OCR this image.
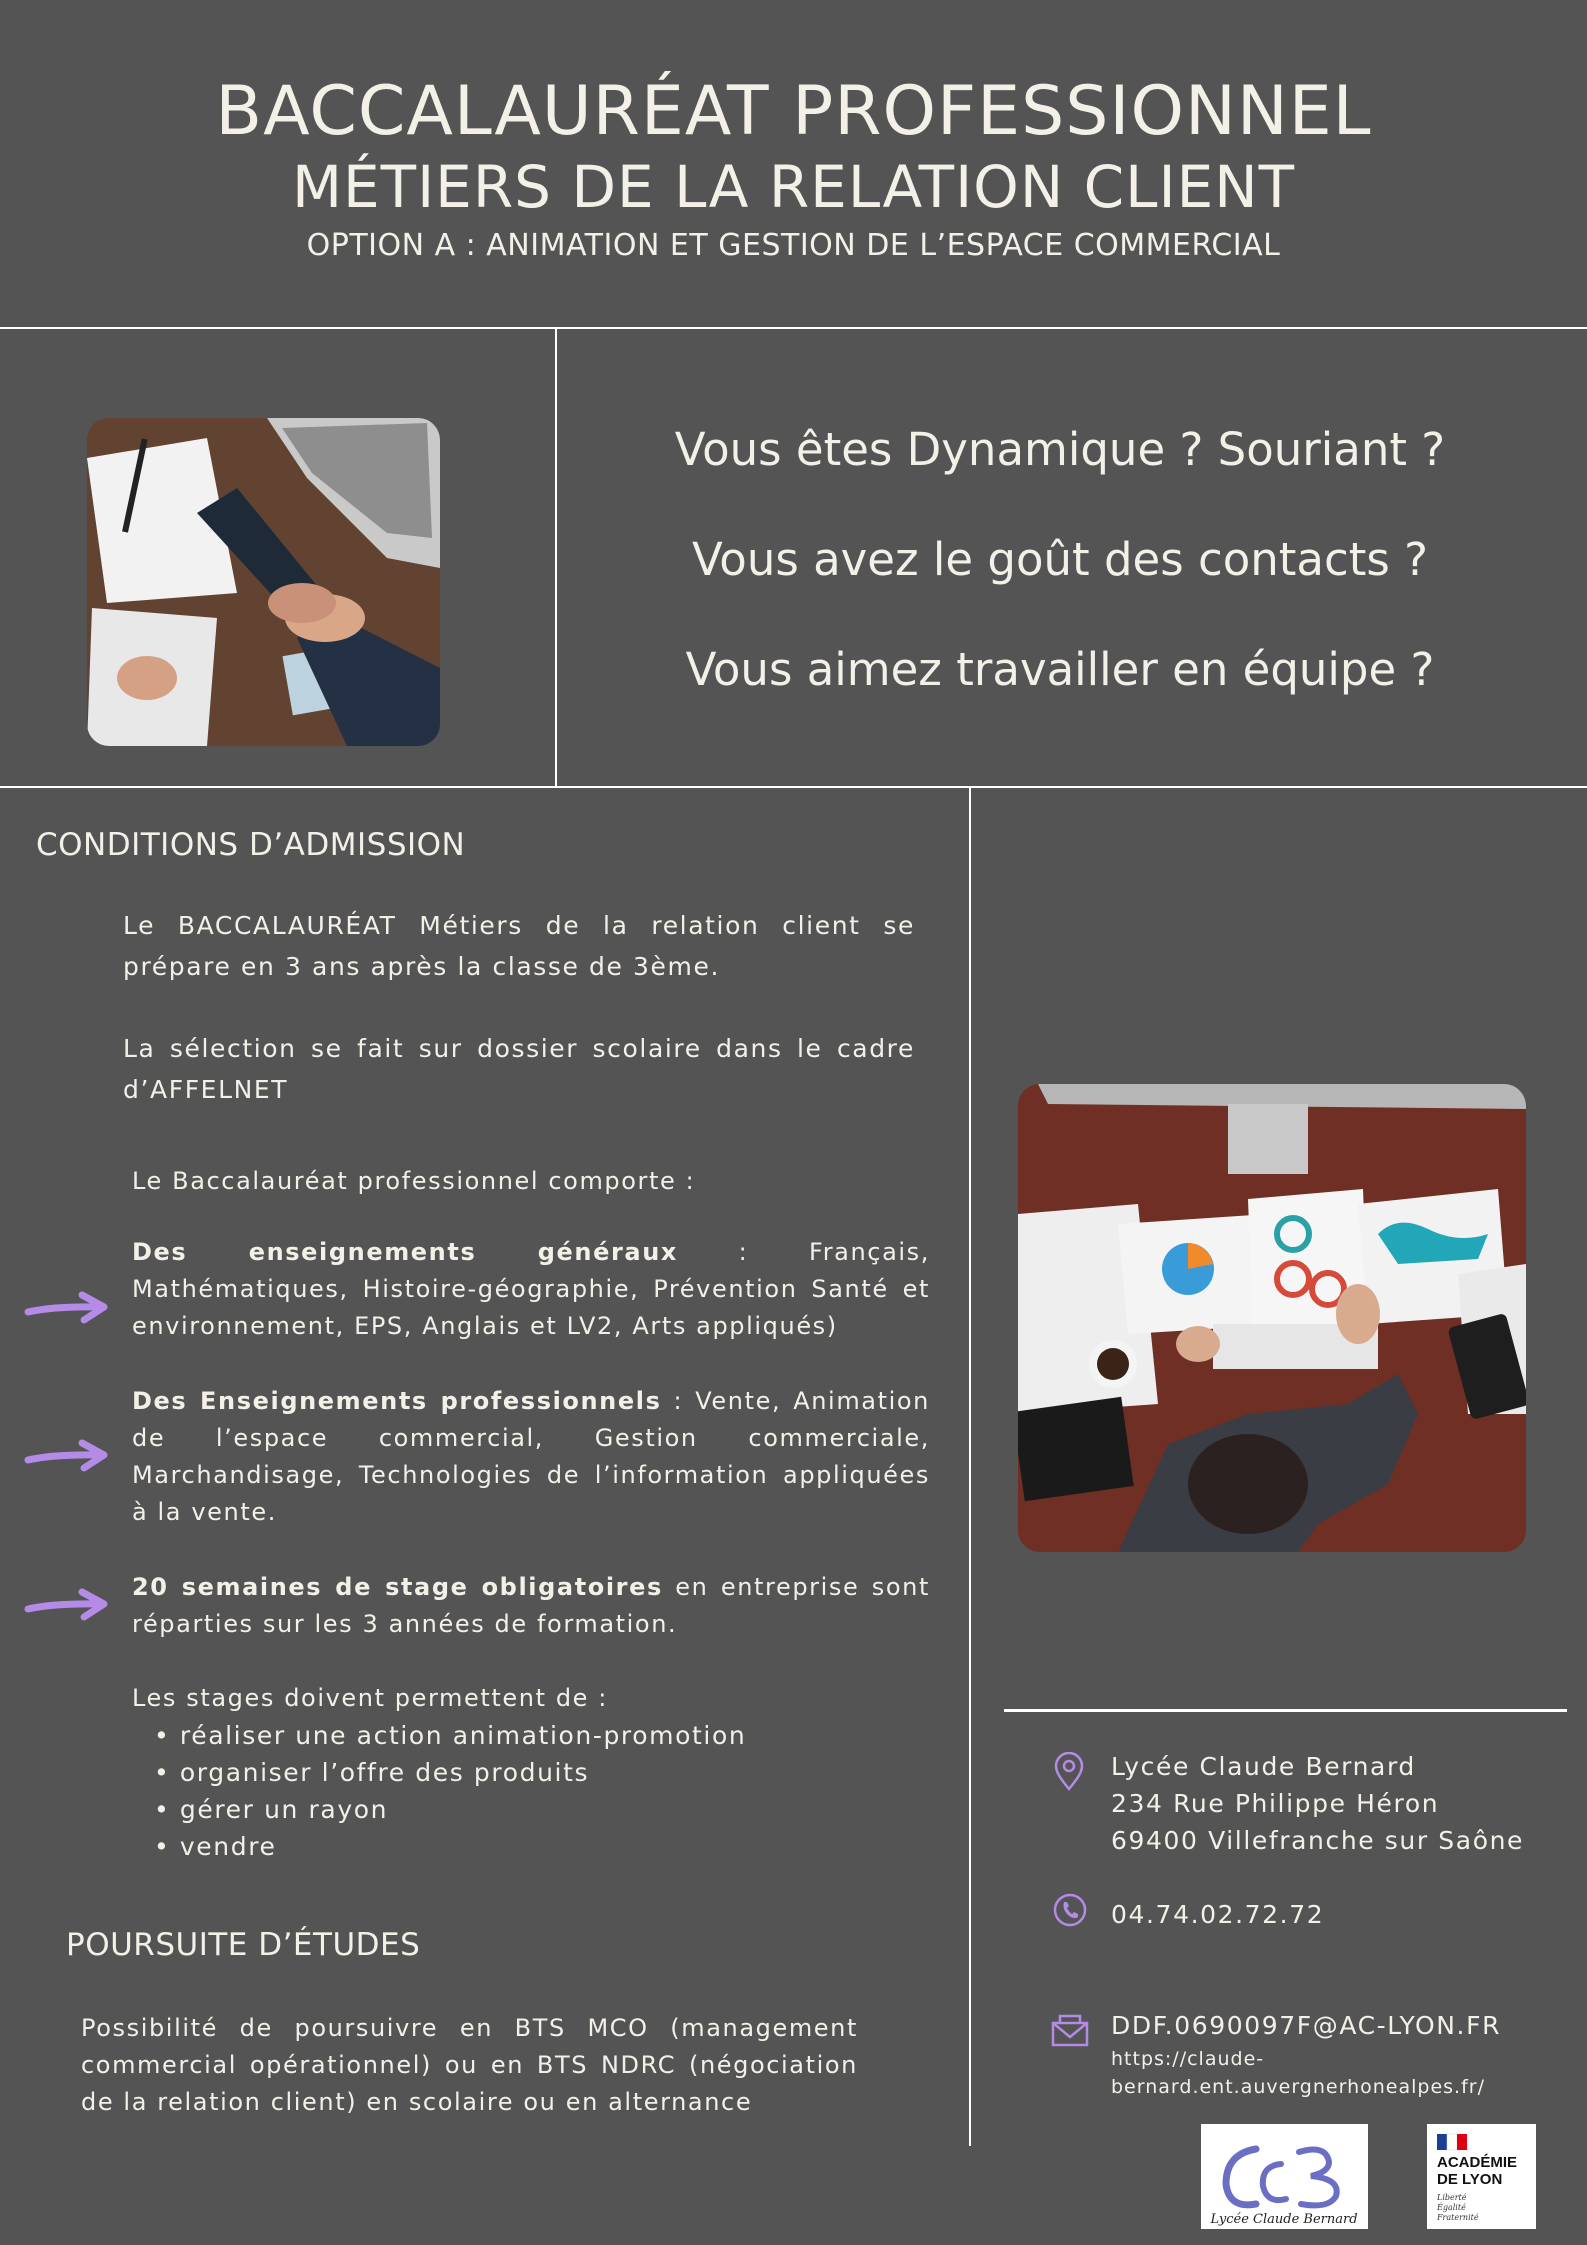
BACCALAURÉAT PROFESSIONNEL
MÉTIERS DE LA RELATION CLIENT
OPTION A : ANIMATION ET GESTION DE L’ESPACE COMMERCIAL
Vous êtes Dynamique ? Souriant ?
Vous avez le goût des contacts ?
Vous aimez travailler en équipe ?
CONDITIONS D’ADMISSION
Le BACCALAURÉAT Métiers de la relation client se prépare en 3 ans après la classe de 3ème.
La sélection se fait sur dossier scolaire dans le cadre d’AFFELNET
Le Baccalauréat professionnel comporte :
Des enseignements généraux : Français, Mathématiques, Histoire-géographie, Prévention Santé et environnement, EPS, Anglais et LV2, Arts appliqués)
Des Enseignements professionnels : Vente, Animation de l’espace commercial, Gestion commerciale, Marchandisage, Technologies de l’information appliquées à la vente.
20 semaines de stage obligatoires en entreprise sont réparties sur les 3 années de formation.
Les stages doivent permettent de :
• réaliser une action animation-promotion
• organiser l’offre des produits
• gérer un rayon
• vendre
POURSUITE D’ÉTUDES
Possibilité de poursuivre en BTS MCO (management commercial opérationnel) ou en BTS NDRC (négociation de la relation client) en scolaire ou en alternance
Lycée Claude Bernard
234 Rue Philippe Héron
69400 Villefranche sur Saône
04.74.02.72.72
DDF.0690097F@AC-LYON.FR
https://claude-
bernard.ent.auvergnerhonealpes.fr/
Lycée Claude Bernard
ACADÉMIE
DE LYON
Liberté
Égalité
Fraternité
